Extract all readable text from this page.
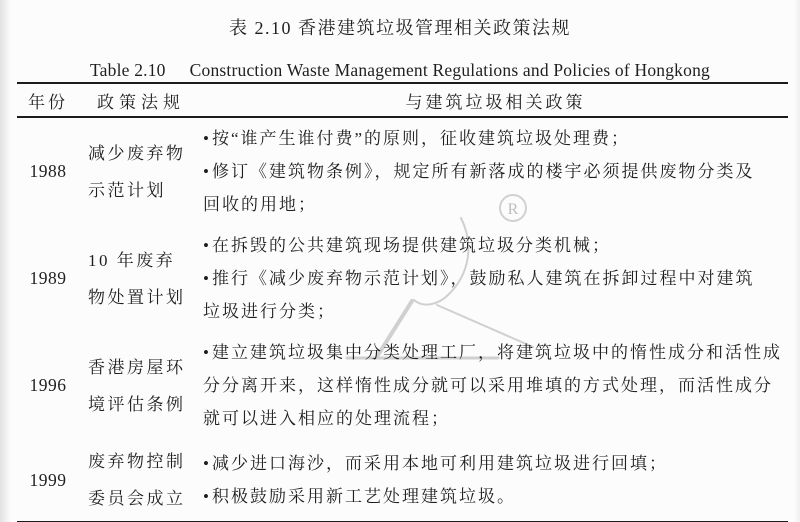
R
表 2.10 香港建筑垃圾管理相关政策法规
Table 2.10 Construction Waste Management Regulations and Policies of Hongkong
年份	政策法规	与建筑垃圾相关政策
1988
减少废弃物
示范计划
•按“谁产生谁付费”的原则，征收建筑垃圾处理费；
•修订《建筑物条例》，规定所有新落成的楼宇必须提供废物分类及
回收的用地；
1989
10 年废弃
物处置计划
•在拆毁的公共建筑现场提供建筑垃圾分类机械；
•推行《减少废弃物示范计划》，鼓励私人建筑在拆卸过程中对建筑
垃圾进行分类；
1996
香港房屋环
境评估条例
•建立建筑垃圾集中分类处理工厂，将建筑垃圾中的惰性成分和活性成
分分离开来，这样惰性成分就可以采用堆填的方式处理，而活性成分
就可以进入相应的处理流程；
1999
废弃物控制
委员会成立
•减少进口海沙，而采用本地可利用建筑垃圾进行回填；
•积极鼓励采用新工艺处理建筑垃圾。
